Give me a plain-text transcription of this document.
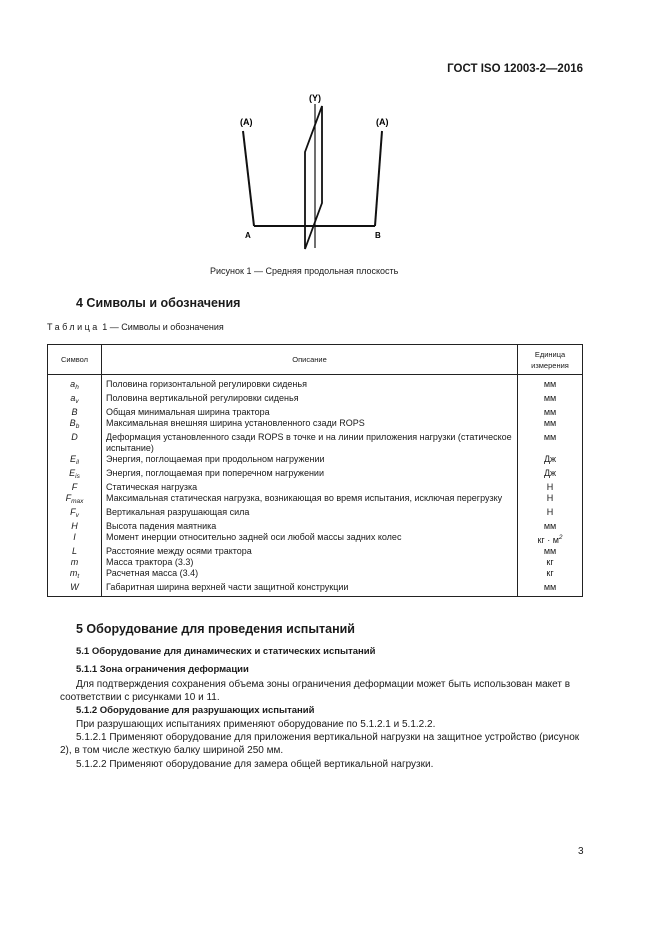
ГОСТ ISO 12003-2—2016
(Y)
(A)	(A)
A	B
Рисунок 1 — Средняя продольная плоскость
4 Символы и обозначения
Таблица 1 — Символы и обозначения
Символ	Описание	Единица измерения
$a_h$	Половина горизонтальной регулировки сиденья	мм
$a_v$	Половина вертикальной регулировки сиденья	мм
B	Общая минимальная ширина трактора	мм
$B_b$	Максимальная внешняя ширина установленного сзади ROPS	мм
D	Деформация установленного сзади ROPS в точке и на линии приложения нагрузки (статическое испытание)	мм
$E_{il}$	Энергия, поглощаемая при продольном нагружении	Дж
$E_{is}$	Энергия, поглощаемая при поперечном нагружении	Дж
F	Статическая нагрузка	Н
$F_{max}$	Максимальная статическая нагрузка, возникающая во время испытания, исключая перегрузку	Н
$F_v$	Вертикальная разрушающая сила	Н
H	Высота падения маятника	мм
I	Момент инерции относительно задней оси любой массы задних колес	кг · $м^2$
L	Расстояние между осями трактора	мм
m	Масса трактора (3.3)	кг
$m_t$	Расчетная масса (3.4)	кг
W	Габаритная ширина верхней части защитной конструкции	мм
5 Оборудование для проведения испытаний
5.1 Оборудование для динамических и статических испытаний
5.1.1 Зона ограничения деформации

Для подтверждения сохранения объема зоны ограничения деформации может быть использован макет в соответствии с рисунками 10 и 11.

5.1.2 Оборудование для разрушающих испытаний

При разрушающих испытаниях применяют оборудование по 5.1.2.1 и 5.1.2.2.

5.1.2.1 Применяют оборудование для приложения вертикальной нагрузки на защитное устройство (рисунок 2), в том числе жесткую балку шириной 250 мм.

5.1.2.2 Применяют оборудование для замера общей вертикальной нагрузки.

3
